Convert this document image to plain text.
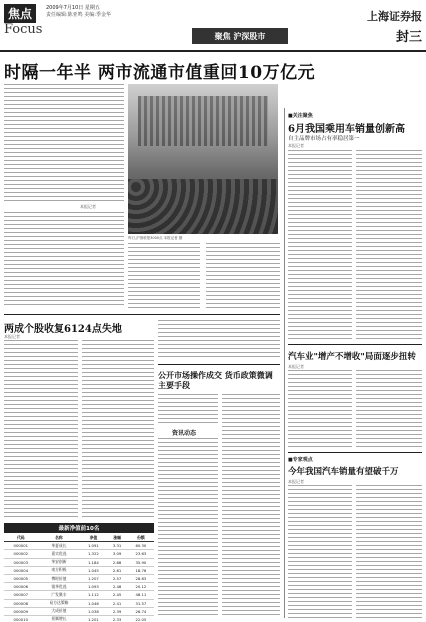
焦点
Focus
2009年7月10日 星期五
责任编辑:陈亚鸣 美编:季金华
聚焦 沪深股市
上海证券报
封三
时隔一年半 两市流通市值重回10万亿元
本报记者
昨日,沪指收报3000点 本报记者 摄
两成个股收复6124点失地
本报记者
公开市场操作成交 货币政策微调主要手段
资讯动态
最新净值前10名
代码	名称	净值	涨幅	份额
000001	华夏成长	1.091	3.31	60.30
000002	嘉实优选	1.322	3.09	23.63
000003	华安创新	1.184	2.68	35.90
000004	南方积极	1.045	2.61	18.76
000005	博时价值	1.207	2.57	28.83
000006	银华优选	1.093	2.48	20.12
000007	广发聚丰	1.112	2.45	48.11
000008	易方达策略	1.046	2.41	31.57
000009	大成价值	1.038	2.39	26.74
000010	景顺增长	1.201	2.33	22.05
■关注聚焦
6月我国乘用车销量创新高
自主品牌市场占有率稳居第一
本报记者
汽车业"增产不增收"局面逐步扭转
本报记者
■专家观点
今年我国汽车销量有望破千万
本报记者
